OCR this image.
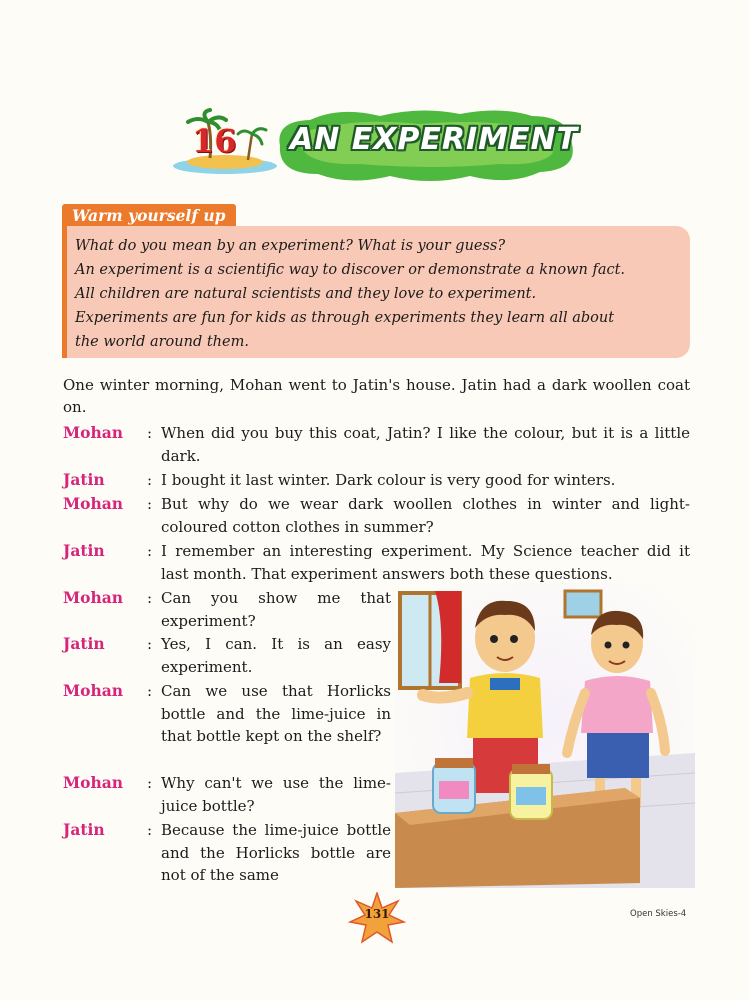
16 AN EXPERIMENT
Warm yourself up

What do you mean by an experiment? What is your guess?

An experiment is a scientific way to discover or demonstrate a known fact.

All children are natural scientists and they love to experiment.

Experiments are fun for kids as through experiments they learn all about

the world around them.

One winter morning, Mohan went to Jatin's house. Jatin had a dark woollen coat on.
Mohan	: When did you buy this coat, Jatin? I like the colour, but it is a little dark.
Jatin	: I bought it last winter. Dark colour is very good for winters.
Mohan	: But why do we wear dark woollen clothes in winter and light-coloured cotton clothes in summer?
Jatin	: I remember an interesting experiment. My Science teacher did it last month. That experiment answers both these questions.
Mohan	: Can you show me that experiment?
Jatin	: Yes, I can. It is an easy experiment.
Mohan	: Can we use that Horlicks bottle and the lime-juice in that bottle kept on the shelf?
Mohan	: Why can't we use the lime-juice bottle?
Jatin	: Because the lime-juice bottle and the Horlicks bottle are not of the same
131	Open Skies-4
